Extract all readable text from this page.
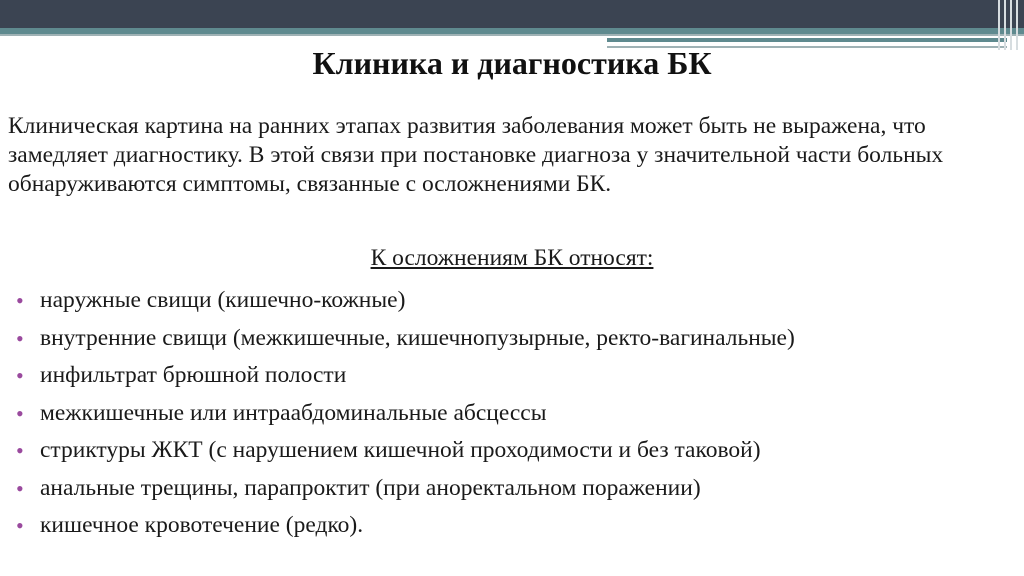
Клиника и диагностика БК
Клиническая картина на ранних этапах развития заболевания может быть не выражена, что замедляет диагностику. В этой связи при постановке диагноза у значительной части больных обнаруживаются симптомы, связанные с осложнениями БК.
К осложнениям БК относят:
• наружные свищи (кишечно-кожные)
• внутренние свищи (межкишечные, кишечнопузырные, ректо-вагинальные)
• инфильтрат брюшной полости
• межкишечные или интраабдоминальные абсцессы
• стриктуры ЖКТ (с нарушением кишечной проходимости и без таковой)
• анальные трещины, парапроктит (при аноректальном поражении)
• кишечное кровотечение (редко).
